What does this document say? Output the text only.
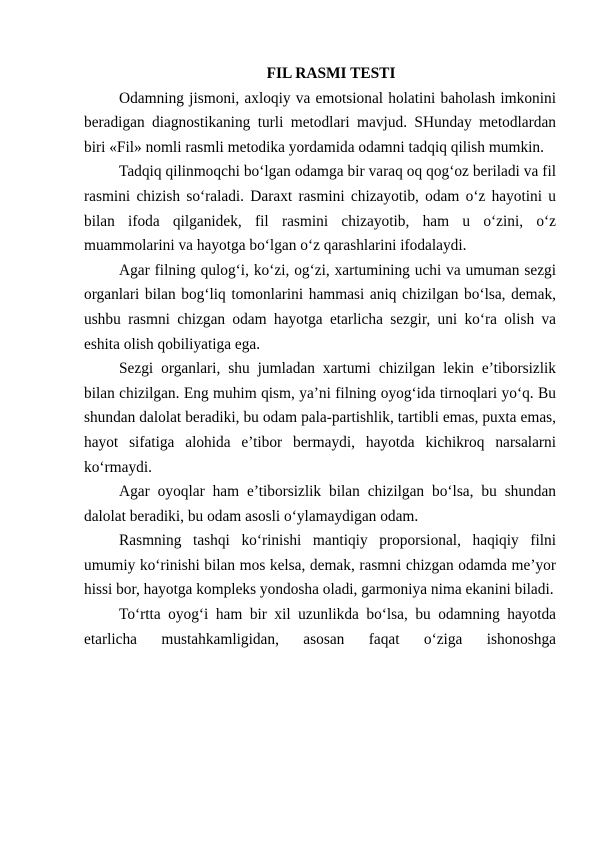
FIL RASMI TESTI

Odamning jismoni, axloqiy va emotsional holatini baholash imkonini beradigan diagnostikaning turli metodlari mavjud. SHunday metodlardan biri «Fil» nomli rasmli metodika yordamida odamni tadqiq qilish mumkin.

Tadqiq qilinmoqchi bo‘lgan odamga bir varaq oq qog‘oz beriladi va fil rasmini chizish so‘raladi. Daraxt rasmini chizayotib, odam o‘z hayotini u bilan ifoda qilganidek, fil rasmini chizayotib, ham u o‘zini, o‘z muammolarini va hayotga bo‘lgan o‘z qarashlarini ifodalaydi.

Agar filning qulog‘i, ko‘zi, og‘zi, xartumining uchi va umuman sezgi organlari bilan bog‘liq tomonlarini hammasi aniq chizilgan bo‘lsa, demak, ushbu rasmni chizgan odam hayotga etarlicha sezgir, uni ko‘ra olish va eshita olish qobiliyatiga ega.

Sezgi organlari, shu jumladan xartumi chizilgan lekin e’tiborsizlik bilan chizilgan. Eng muhim qism, ya’ni filning oyog‘ida tirnoqlari yo‘q. Bu shundan dalolat beradiki, bu odam pala-partishlik, tartibli emas, puxta emas, hayot sifatiga alohida e’tibor bermaydi, hayotda kichikroq narsalarni ko‘rmaydi.

Agar oyoqlar ham e’tiborsizlik bilan chizilgan bo‘lsa, bu shundan dalolat beradiki, bu odam asosli o‘ylamaydigan odam.

Rasmning tashqi ko‘rinishi mantiqiy proporsional, haqiqiy filni umumiy ko‘rinishi bilan mos kelsa, demak, rasmni chizgan odamda me’yor hissi bor, hayotga kompleks yondosha oladi, garmoniya nima ekanini biladi.

To‘rtta oyog‘i ham bir xil uzunlikda bo‘lsa, bu odamning hayotda etarlicha mustahkamligidan, asosan faqat o‘ziga ishonoshga
